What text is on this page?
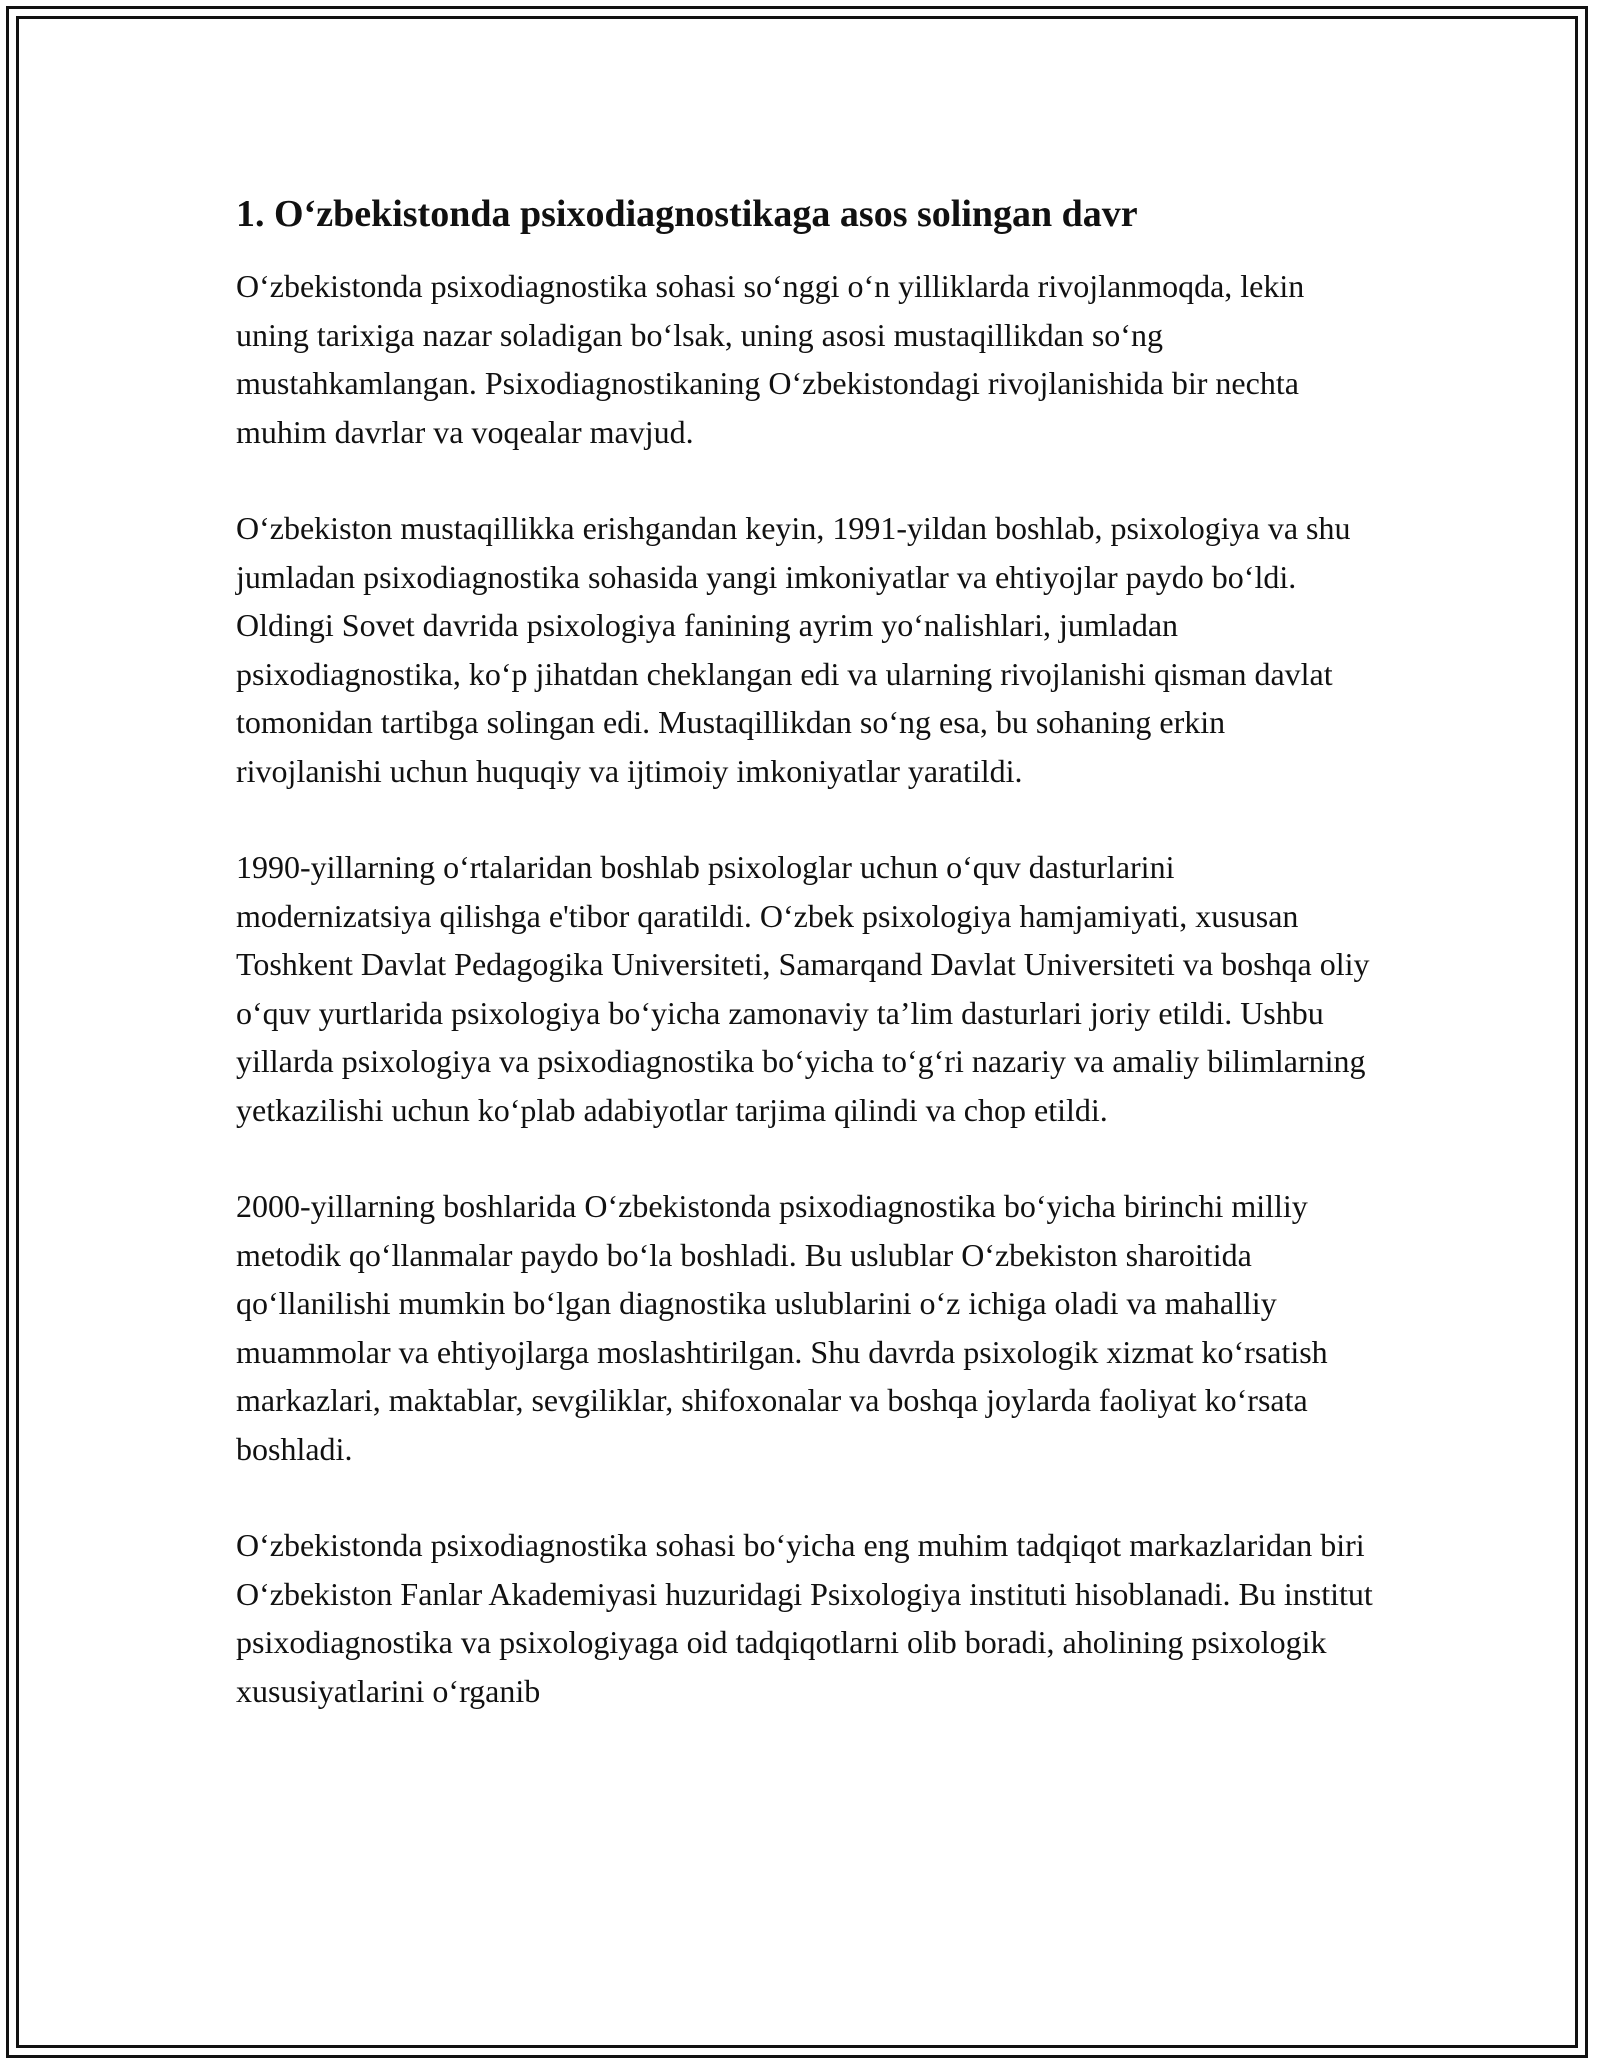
1. O‘zbekistonda psixodiagnostikaga asos solingan davr

O‘zbekistonda psixodiagnostika sohasi so‘nggi o‘n yilliklarda rivojlanmoqda, lekin uning tarixiga nazar soladigan bo‘lsak, uning asosi mustaqillikdan so‘ng mustahkamlangan. Psixodiagnostikaning O‘zbekistondagi rivojlanishida bir nechta muhim davrlar va voqealar mavjud.

O‘zbekiston mustaqillikka erishgandan keyin, 1991-yildan boshlab, psixologiya va shu jumladan psixodiagnostika sohasida yangi imkoniyatlar va ehtiyojlar paydo bo‘ldi. Oldingi Sovet davrida psixologiya fanining ayrim yo‘nalishlari, jumladan psixodiagnostika, ko‘p jihatdan cheklangan edi va ularning rivojlanishi qisman davlat tomonidan tartibga solingan edi. Mustaqillikdan so‘ng esa, bu sohaning erkin rivojlanishi uchun huquqiy va ijtimoiy imkoniyatlar yaratildi.

1990-yillarning o‘rtalaridan boshlab psixologlar uchun o‘quv dasturlarini modernizatsiya qilishga e'tibor qaratildi. O‘zbek psixologiya hamjamiyati, xususan Toshkent Davlat Pedagogika Universiteti, Samarqand Davlat Universiteti va boshqa oliy o‘quv yurtlarida psixologiya bo‘yicha zamonaviy ta’lim dasturlari joriy etildi. Ushbu yillarda psixologiya va psixodiagnostika bo‘yicha to‘g‘ri nazariy va amaliy bilimlarning yetkazilishi uchun ko‘plab adabiyotlar tarjima qilindi va chop etildi.

2000-yillarning boshlarida O‘zbekistonda psixodiagnostika bo‘yicha birinchi milliy metodik qo‘llanmalar paydo bo‘la boshladi. Bu uslublar O‘zbekiston sharoitida qo‘llanilishi mumkin bo‘lgan diagnostika uslublarini o‘z ichiga oladi va mahalliy muammolar va ehtiyojlarga moslashtirilgan. Shu davrda psixologik xizmat ko‘rsatish markazlari, maktablar, sevgiliklar, shifoxonalar va boshqa joylarda faoliyat ko‘rsata boshladi.

O‘zbekistonda psixodiagnostika sohasi bo‘yicha eng muhim tadqiqot markazlaridan biri O‘zbekiston Fanlar Akademiyasi huzuridagi Psixologiya instituti hisoblanadi. Bu institut psixodiagnostika va psixologiyaga oid tadqiqotlarni olib boradi, aholining psixologik xususiyatlarini o‘rganib
